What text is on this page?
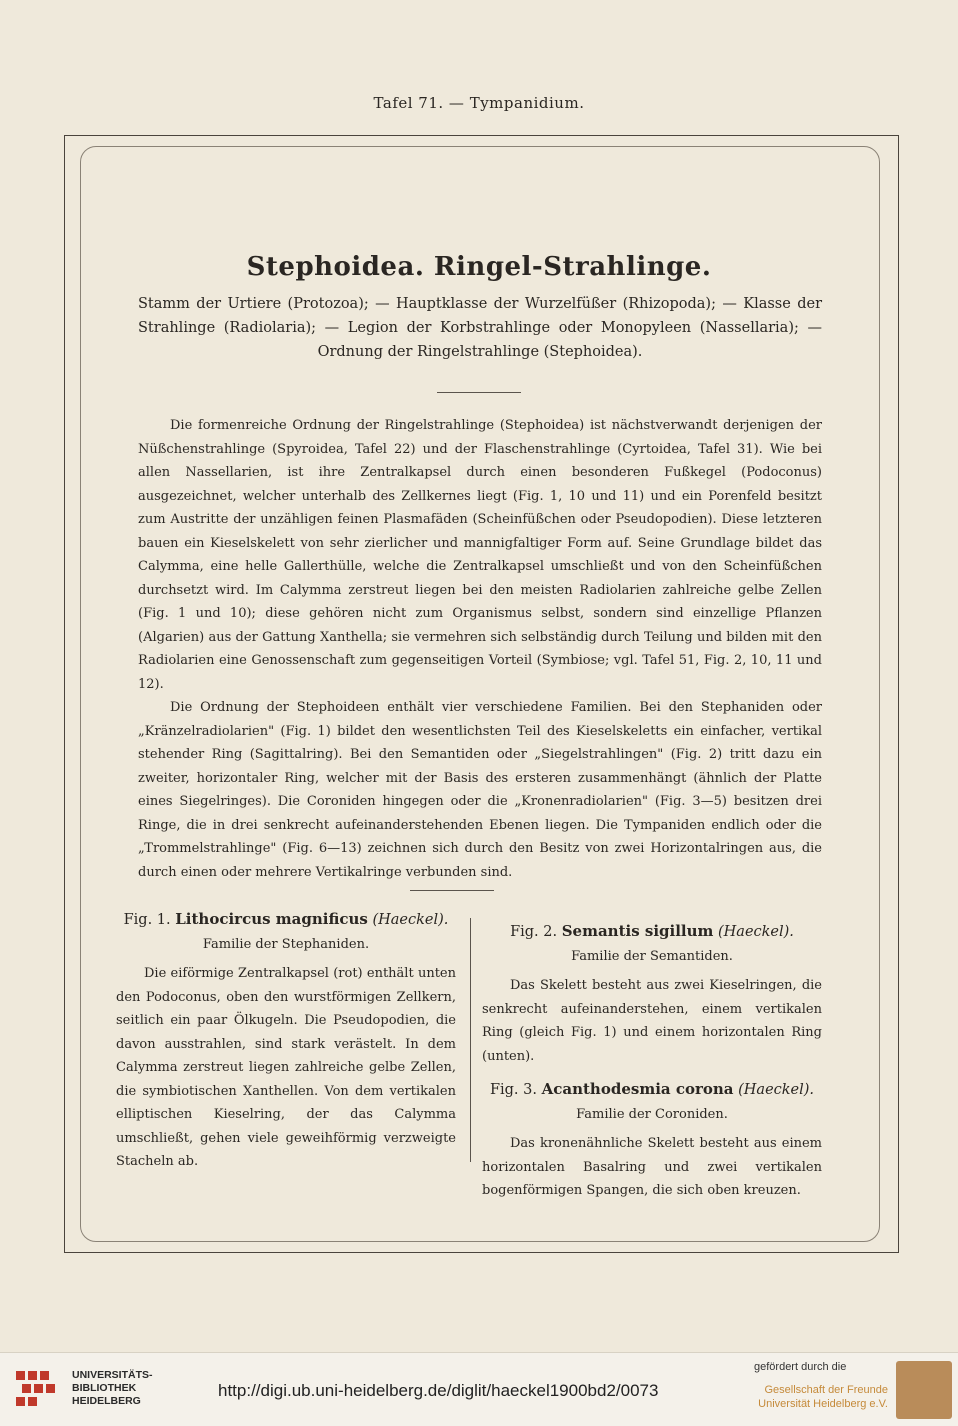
Tafel 71. — Tympanidium.
Stephoidea. Ringel-Strahlinge.
Stamm der Urtiere (Protozoa); — Hauptklasse der Wurzelfüßer (Rhizopoda); — Klasse der Strahlinge (Radiolaria); — Legion der Korbstrahlinge oder Monopyleen (Nassellaria); — Ordnung der Ringelstrahlinge (Stephoidea).

Die formenreiche Ordnung der Ringelstrahlinge (Stephoidea) ist nächstverwandt derjenigen der Nüßchenstrahlinge (Spyroidea, Tafel 22) und der Flaschenstrahlinge (Cyrtoidea, Tafel 31). Wie bei allen Nassellarien, ist ihre Zentralkapsel durch einen besonderen Fußkegel (Podoconus) ausgezeichnet, welcher unterhalb des Zellkernes liegt (Fig. 1, 10 und 11) und ein Porenfeld besitzt zum Austritte der unzähligen feinen Plasmafäden (Scheinfüßchen oder Pseudopodien). Diese letzteren bauen ein Kieselskelett von sehr zierlicher und mannigfaltiger Form auf. Seine Grundlage bildet das Calymma, eine helle Gallerthülle, welche die Zentralkapsel umschließt und von den Scheinfüßchen durchsetzt wird. Im Calymma zerstreut liegen bei den meisten Radiolarien zahlreiche gelbe Zellen (Fig. 1 und 10); diese gehören nicht zum Organismus selbst, sondern sind einzellige Pflanzen (Algarien) aus der Gattung Xanthella; sie vermehren sich selbständig durch Teilung und bilden mit den Radiolarien eine Genossenschaft zum gegenseitigen Vorteil (Symbiose; vgl. Tafel 51, Fig. 2, 10, 11 und 12).

Die Ordnung der Stephoideen enthält vier verschiedene Familien. Bei den Stephaniden oder „Kränzelradiolarien" (Fig. 1) bildet den wesentlichsten Teil des Kieselskeletts ein einfacher, vertikal stehender Ring (Sagittalring). Bei den Semantiden oder „Siegelstrahlingen" (Fig. 2) tritt dazu ein zweiter, horizontaler Ring, welcher mit der Basis des ersteren zusammenhängt (ähnlich der Platte eines Siegelringes). Die Coroniden hingegen oder die „Kronenradiolarien" (Fig. 3—5) besitzen drei Ringe, die in drei senkrecht aufeinanderstehenden Ebenen liegen. Die Tympaniden endlich oder die „Trommelstrahlinge" (Fig. 6—13) zeichnen sich durch den Besitz von zwei Horizontalringen aus, die durch einen oder mehrere Vertikalringe verbunden sind.

Fig. 1. Lithocircus magnificus (Haeckel).
Familie der Stephaniden.
Die eiförmige Zentralkapsel (rot) enthält unten den Podoconus, oben den wurstförmigen Zellkern, seitlich ein paar Ölkugeln. Die Pseudopodien, die davon ausstrahlen, sind stark verästelt. In dem Calymma zerstreut liegen zahlreiche gelbe Zellen, die symbiotischen Xanthellen. Von dem vertikalen elliptischen Kieselring, der das Calymma umschließt, gehen viele geweihförmig verzweigte Stacheln ab.
Fig. 2. Semantis sigillum (Haeckel).
Familie der Semantiden.
Das Skelett besteht aus zwei Kieselringen, die senkrecht aufeinanderstehen, einem vertikalen Ring (gleich Fig. 1) und einem horizontalen Ring (unten).
Fig. 3. Acanthodesmia corona (Haeckel).
Familie der Coroniden.
Das kronenähnliche Skelett besteht aus einem horizontalen Basalring und zwei vertikalen bogenförmigen Spangen, die sich oben kreuzen.
UNIVERSITÄTS-
BIBLIOTHEK
HEIDELBERG
http://digi.ub.uni-heidelberg.de/diglit/haeckel1900bd2/0073
gefördert durch die
Gesellschaft der Freunde
Universität Heidelberg e.V.
